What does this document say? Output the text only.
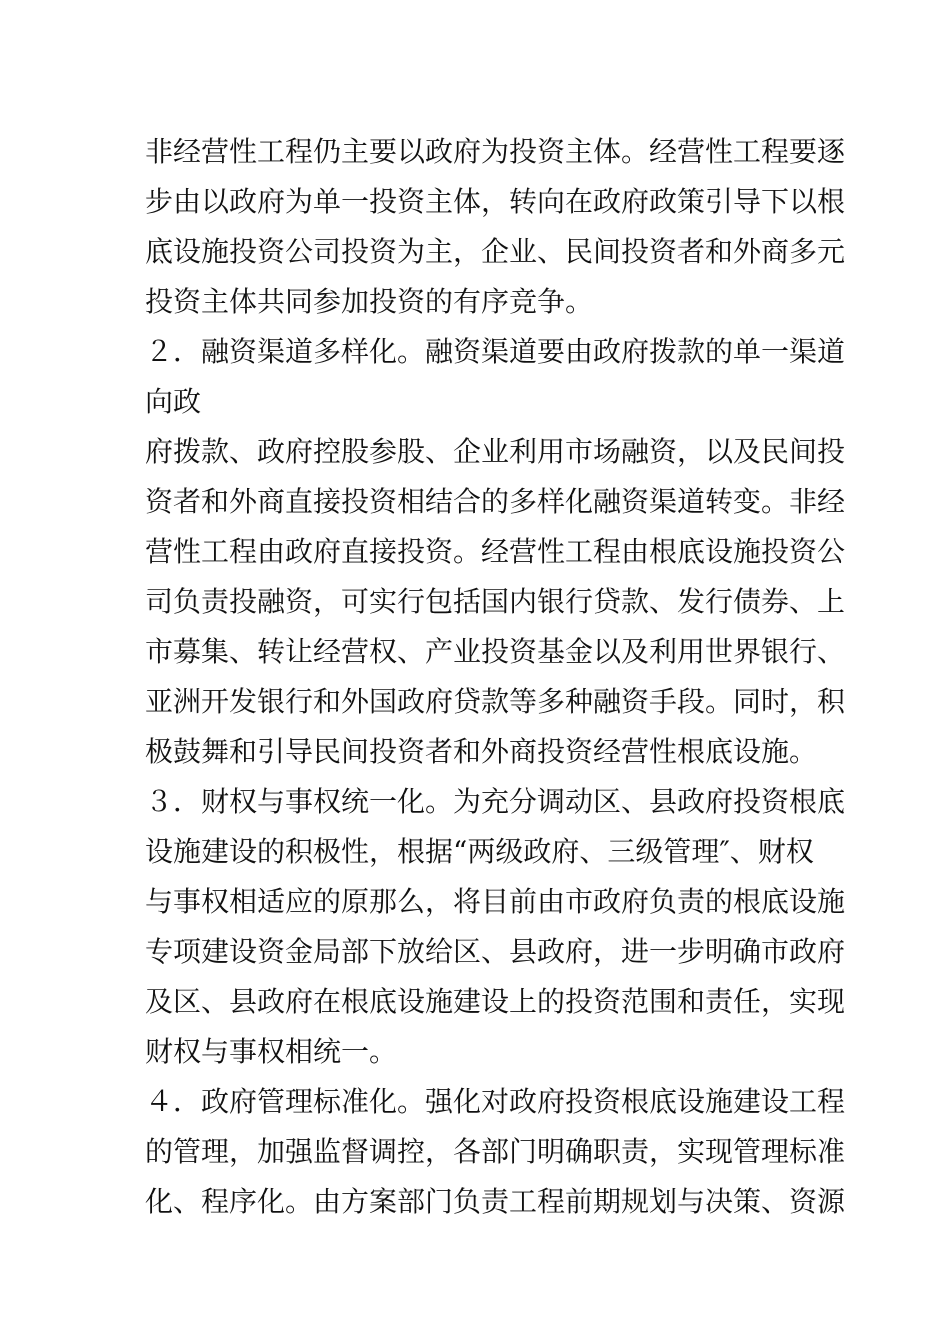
非经营性工程仍主要以政府为投资主体。经营性工程要逐
步由以政府为单一投资主体，转向在政府政策引导下以根
底设施投资公司投资为主，企业、民间投资者和外商多元
投资主体共同参加投资的有序竞争。
２．融资渠道多样化。融资渠道要由政府拨款的单一渠道
向政
府拨款、政府控股参股、企业利用市场融资，以及民间投
资者和外商直接投资相结合的多样化融资渠道转变。非经
营性工程由政府直接投资。经营性工程由根底设施投资公
司负责投融资，可实行包括国内银行贷款、发行债券、上
市募集、转让经营权、产业投资基金以及利用世界银行、
亚洲开发银行和外国政府贷款等多种融资手段。同时，积
极鼓舞和引导民间投资者和外商投资经营性根底设施。
３．财权与事权统一化。为充分调动区、县政府投资根底
设施建设的积极性，根据“两级政府、三级管理″、财权
与事权相适应的原那么，将目前由市政府负责的根底设施
专项建设资金局部下放给区、县政府，进一步明确市政府
及区、县政府在根底设施建设上的投资范围和责任，实现
财权与事权相统一。
４．政府管理标准化。强化对政府投资根底设施建设工程
的管理，加强监督调控，各部门明确职责，实现管理标准
化、程序化。由方案部门负责工程前期规划与决策、资源
